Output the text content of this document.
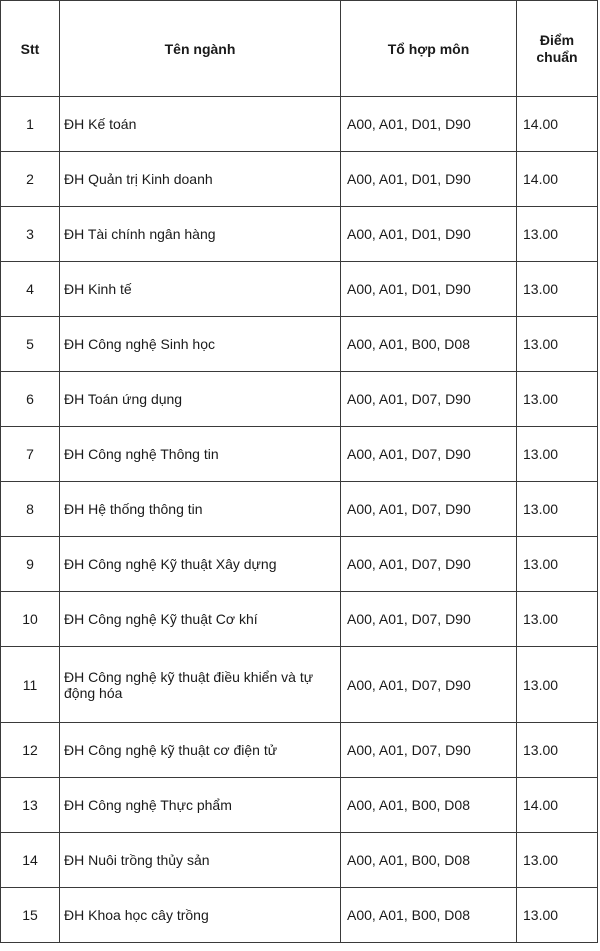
Stt	Tên ngành	Tổ hợp môn	Điểm
chuẩn
1	ĐH Kế toán	A00, A01, D01, D90	14.00
2	ĐH Quản trị Kinh doanh	A00, A01, D01, D90	14.00
3	ĐH Tài chính ngân hàng	A00, A01, D01, D90	13.00
4	ĐH Kinh tế	A00, A01, D01, D90	13.00
5	ĐH Công nghệ Sinh học	A00, A01, B00, D08	13.00
6	ĐH Toán ứng dụng	A00, A01, D07, D90	13.00
7	ĐH Công nghệ Thông tin	A00, A01, D07, D90	13.00
8	ĐH Hệ thống thông tin	A00, A01, D07, D90	13.00
9	ĐH Công nghệ Kỹ thuật Xây dựng	A00, A01, D07, D90	13.00
10	ĐH Công nghệ Kỹ thuật Cơ khí	A00, A01, D07, D90	13.00
11	ĐH Công nghệ kỹ thuật điều khiển và tự động hóa	A00, A01, D07, D90	13.00
12	ĐH Công nghệ kỹ thuật cơ điện tử	A00, A01, D07, D90	13.00
13	ĐH Công nghệ Thực phẩm	A00, A01, B00, D08	14.00
14	ĐH Nuôi trồng thủy sản	A00, A01, B00, D08	13.00
15	ĐH Khoa học cây trồng	A00, A01, B00, D08	13.00
